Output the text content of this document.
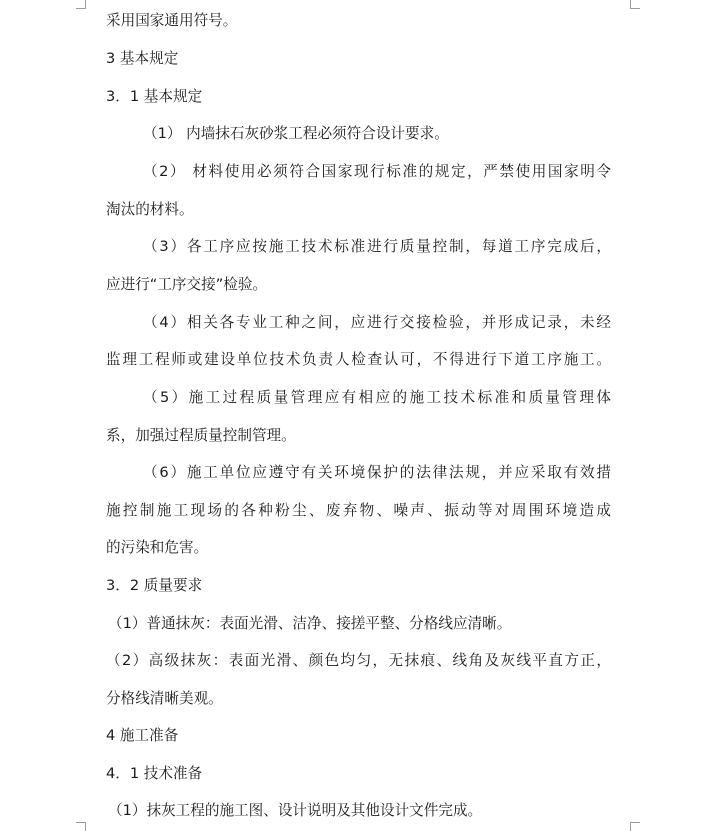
采用国家通用符号。
3 基本规定
3．1 基本规定
（1） 内墙抹石灰砂浆工程必须符合设计要求。
（2） 材料使用必须符合国家现行标准的规定，严禁使用国家明令
淘汰的材料。
（3）各工序应按施工技术标准进行质量控制，每道工序完成后，
应进行“工序交接”检验。
（4）相关各专业工种之间，应进行交接检验，并形成记录，未经
监理工程师或建设单位技术负责人检查认可，不得进行下道工序施工。
（5）施工过程质量管理应有相应的施工技术标准和质量管理体
系，加强过程质量控制管理。
（6）施工单位应遵守有关环境保护的法律法规，并应采取有效措
施控制施工现场的各种粉尘、废弃物、噪声、振动等对周围环境造成
的污染和危害。
3．2 质量要求
（1）普通抹灰：表面光滑、洁净、接搓平整、分格线应清晰。
（2）高级抹灰：表面光滑、颜色均匀，无抹痕、线角及灰线平直方正，
分格线清晰美观。
4 施工准备
4．1 技术准备
（1）抹灰工程的施工图、设计说明及其他设计文件完成。
